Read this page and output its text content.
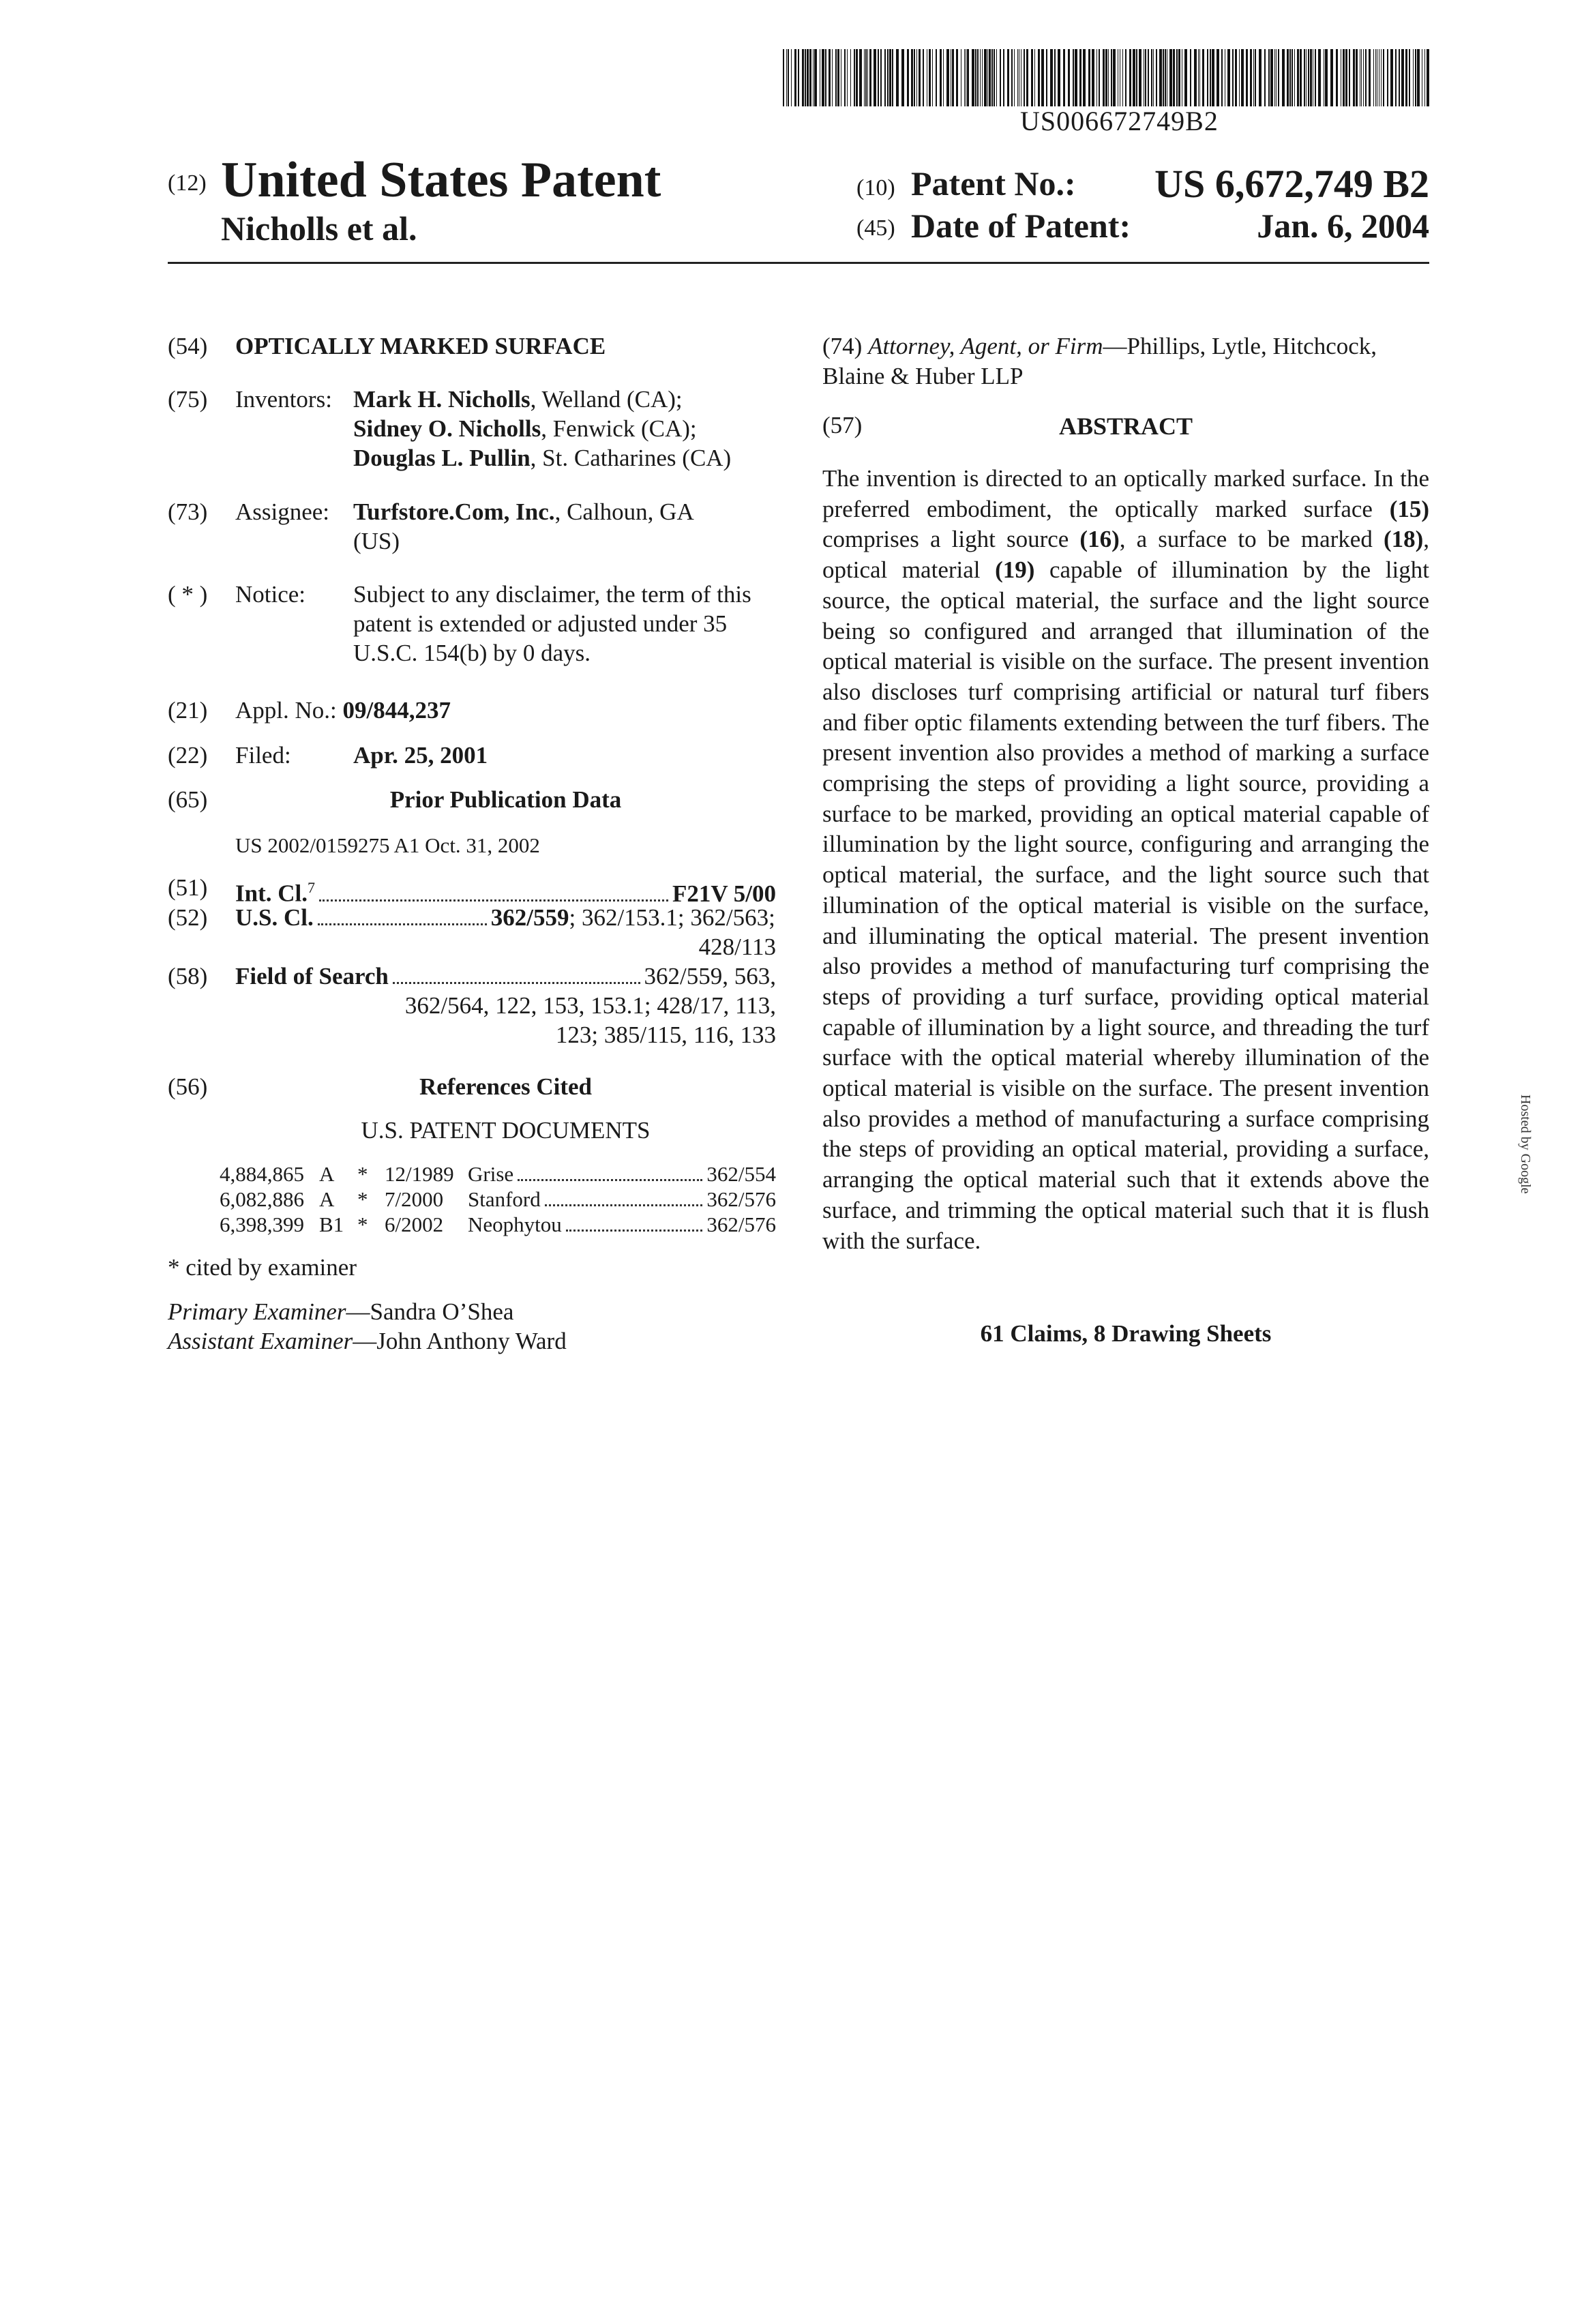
US006672749B2
(12) United States Patent
Nicholls et al.
(10) Patent No.: US 6,672,749 B2
(45) Date of Patent:	Jan. 6, 2004
(54) OPTICALLY MARKED SURFACE
(75) Inventors: Mark H. Nicholls, Welland (CA);
Sidney O. Nicholls, Fenwick (CA);
Douglas L. Pullin, St. Catharines (CA)
(73) Assignee: Turfstore.Com, Inc., Calhoun, GA
(US)
( * ) Notice: Subject to any disclaimer, the term of this
patent is extended or adjusted under 35
U.S.C. 154(b) by 0 days.
(21) Appl. No.: 09/844,237
(22) Filed:	Apr. 25, 2001
(65)	Prior Publication Data
US 2002/0159275 A1 Oct. 31, 2002
(51) Int. Cl.$^7$	F21V 5/00
(52) U.S. Cl.	362/559; 362/153.1; 362/563;
428/113
(58) Field of Search	362/559, 563,
362/564, 122, 153, 153.1; 428/17, 113,
123; 385/115, 116, 133
(56)	References Cited
U.S. PATENT DOCUMENTS
4,884,865 A	* 12/1989 Grise	362/554
6,082,886 A	* 7/2000	Stanford	362/576
6,398,399 B1 * 6/2002	Neophytou	362/576
* cited by examiner
Primary Examiner—Sandra O’Shea
Assistant Examiner—John Anthony Ward
(74) Attorney, Agent, or Firm—Phillips, Lytle, Hitchcock,
Blaine & Huber LLP
(57)	ABSTRACT
The invention is directed to an optically marked surface. In the preferred embodiment, the optically marked surface (15) comprises a light source (16), a surface to be marked (18), optical material (19) capable of illumination by the light source, the optical material, the surface and the light source being so configured and arranged that illumination of the optical material is visible on the surface. The present invention also discloses turf comprising artificial or natural turf fibers and fiber optic filaments extending between the turf fibers. The present invention also provides a method of marking a surface comprising the steps of providing a light source, providing a surface to be marked, providing an optical material capable of illumination by the light source, configuring and arranging the optical material, the surface, and the light source such that illumination of the optical material is visible on the surface, and illuminating the optical material. The present invention also provides a method of manufacturing turf comprising the steps of providing a turf surface, providing optical material capable of illumination by a light source, and threading the turf surface with the optical material whereby illumination of the optical material is visible on the surface. The present invention also provides a method of manufacturing a surface comprising the steps of providing an optical material, providing a surface, arranging the optical material such that it extends above the surface, and trimming the optical material such that it is flush with the surface.
61 Claims, 8 Drawing Sheets
Hosted by Google
